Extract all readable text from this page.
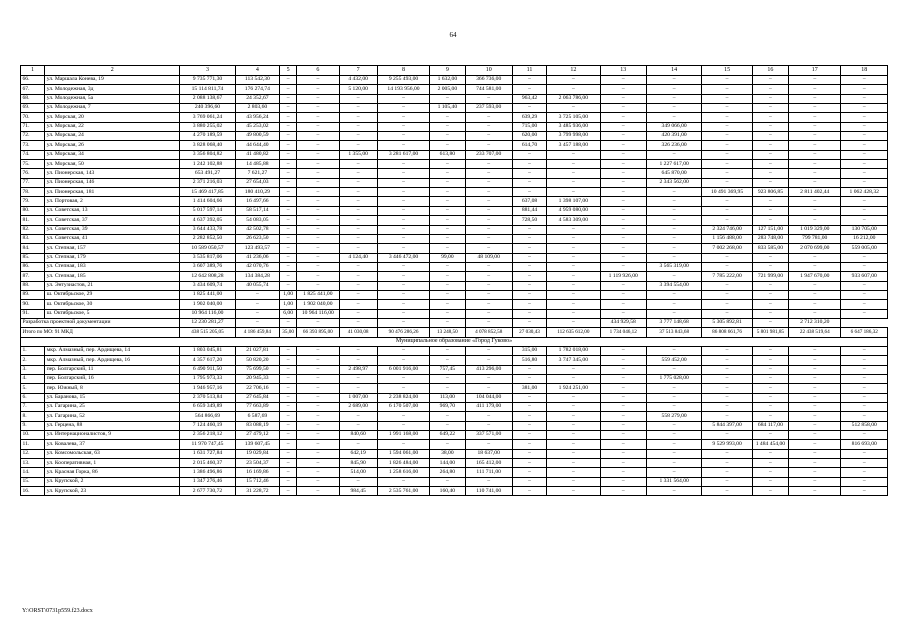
64
1	2	3	4	5	6	7	8	9	10	11	12	13	14	15	16	17	18
66.	ул. Маршала Конева, 19	9 735 771,30	113 542,30	–	–	4 432,00	9 255 493,00	1 632,00	366 736,00	–	–	–	–	–	–	–	–
67.	ул. Молодежная, 3д	15 114 811,74	176 274,74	–	–	5 120,00	14 193 956,00	2 005,00	744 581,00	–	–	–	–	–	–	–	–
68.	ул. Молодежная, 5а	2 088 138,67	24 352,67	–	–	–	–	–	–	963,42	2 063 786,00	–	–	–	–	–	–
69.	ул. Молодежная, 7	240 396,60	2 803,60	–	–	–	–	1 105,40	237 593,00	–	–	–	–	–	–	–	–
70.	ул. Морская, 20	3 769 061,24	43 956,24	–	–	–	–	–	–	639,29	3 725 105,00	–	–	–	–	–	–
71.	ул. Морская, 22	3 880 255,02	45 253,02	–	–	–	–	–	–	715,00	3 485 936,00	–	349 066,00	–	–	–	–
72.	ул. Морская, 24	4 270 189,59	49 800,59	–	–	–	–	–	–	620,00	3 799 998,00	–	420 391,00	–	–	–	–
73.	ул. Морская, 26	3 828 068,40	44 644,40	–	–	–	–	–	–	614,70	3 457 188,00	–	326 236,00	–	–	–	–
74.	ул. Морская, 34	3 356 804,82	41 480,82	–	–	1 355,00	3 281 617,00	613,80	233 707,00	–	–	–	–	–	–	–	–
75.	ул. Морская, 50	1 242 102,88	14 485,88	–	–	–	–	–	–	–	–	–	1 227 617,00	–	–	–	–
76.	ул. Пионерская, 143	653 491,27	7 621,27	–	–	–	–	–	–	–	–	–	645 870,00	–	–	–	–
77.	ул. Пионерская, 146	2 371 216,03	27 654,03	–	–	–	–	–	–	–	–	–	2 343 562,00	–	–	–	–
78.	ул. Пионерская, 181	15 469 417,85	180 410,29	–	–	–	–	–	–	–	–	–	–	10 491 369,95	923 806,85	2 811 402,44	1 062 428,32
79.	ул. Портовая, 2	1 414 604,66	16 497,66	–	–	–	–	–	–	637,08	1 398 107,00	–	–	–	–	–	–
80.	ул. Советская, 13	5 017 597,14	58 517,14	–	–	–	–	–	–	881,44	4 959 080,00	–	–	–	–	–	–
81.	ул. Советская, 37	4 637 392,05	54 083,05	–	–	–	–	–	–	728,50	4 583 309,00	–	–	–	–	–	–
82.	ул. Советская, 39	3 644 433,78	42 502,78	–	–	–	–	–	–	–	–	–	–	2 324 746,00	127 151,00	1 019 329,00	130 705,00
83.	ул. Советская, 41	2 282 852,50	26 623,50	–	–	–	–	–	–	–	–	–	–	1 156 488,00	283 748,00	799 781,00	16 212,00
84.	ул. Степная, 157	10 589 050,57	123 493,57	–	–	–	–	–	–	–	–	–	–	7 002 268,00	833 585,00	2 070 699,00	559 005,00
85.	ул. Степная, 179	3 535 817,06	41 236,06	–	–	4 124,40	3 446 472,00	99,00	48 109,00	–	–	–	–	–	–	–	–
86.	ул. Степная, 183	3 607 389,76	42 070,76	–	–	–	–	–	–	–	–	–	3 565 319,00	–	–	–	–
87.	ул. Степная, 185	12 642 808,28	134 384,28	–	–	–	–	–	–	–	–	1 119 926,00	–	7 785 222,00	721 999,00	1 947 670,00	933 607,00
88.	ул. Энтузиастов, 21	3 434 609,74	40 055,74	–	–	–	–	–	–	–	–	–	3 394 554,00	–	–	–	–
89.	ш. Октябрьское, 29	1 825 441,00	–	1,00	1 825 441,00	–	–	–	–	–	–	–	–	–	–	–	–
90.	ш. Октябрьское, 30	1 902 040,00	–	1,00	1 902 040,00	–	–	–	–	–	–	–	–	–	–	–	–
91.	ш. Октябрьское, 5	10 964 116,00	–	6,00	10 964 116,00	–	–	–	–	–	–	–	–	–	–	–	–
Разработка проектной документации		12 230 281,27	–	–	–	–	–	–	–	–	–	434 929,58	3 777 148,68	5 305 892,81	–	2 712 310,20	
Итого по МО: 91 МКД		438 515 205,05	4 186 459,84	35,00	66 393 895,00	41 030,08	90 476 286,26	13 248,50	4 078 852,58	27 030,43	112 635 612,00	1 734 046,12	37 513 843,68	86 808 661,76	5 801 981,85	22 438 519,64	6 647 186,32
Муниципальное образование «Город Гуково»																	
1.	мкр. Алмазный, пер. Ардищева, 14	1 803 045,81	21 027,81	–	–	–	–	–	–	315,00	1 782 018,00	–	–	–	–	–	–
2.	мкр. Алмазный, пер. Ардищева, 16	4 357 617,20	50 820,20	–	–	–	–	–	–	516,80	3 747 345,00	–	559 452,00	–	–	–	–
3.	пер. Болгарский, 11	6 490 911,50	75 699,50	–	–	2 498,97	6 001 916,00	757,45	413 296,00	–	–	–	–	–	–	–	–
4.	пер. Болгарский, 16	1 795 973,33	20 945,33	–	–	–	–	–	–	–	–	–	1 775 028,00	–	–	–	–
5.	пер. Южный, 8	1 946 957,16	22 706,16	–	–	–	–	–	–	381,00	1 924 251,00	–	–	–	–	–	–
6.	ул. Баранова, 15	2 370 513,84	27 645,84	–	–	1 007,00	2 238 824,00	113,00	104 044,00	–	–	–	–	–	–	–	–
7.	ул. Гагарина, 25	6 659 349,89	77 663,89	–	–	2 689,00	6 170 507,00	969,70	411 179,00	–	–	–	–	–	–	–	–
8.	ул. Гагарина, 52	564 866,69	6 587,69	–	–	–	–	–	–	–	–	–	558 279,00	–	–	–	–
9.	ул. Герцена, 88	7 124 460,19	83 088,19	–	–	–	–	–	–	–	–	–	–	5 844 397,00	684 117,00	–	512 858,00
10.	ул. Интернационалистов, 9	2 356 218,12	27 479,12	–	–	840,60	1 991 168,00	649,22	337 571,00	–	–	–	–	–	–	–	–
11.	ул. Ковалева, 37	11 970 747,45	139 607,45	–	–	–	–	–	–	–	–	–	–	9 529 993,00	1 484 454,00	–	816 693,00
12.	ул. Комсомольская, 63	1 631 727,84	19 029,84	–	–	642,19	1 594 061,00	38,00	18 637,00	–	–	–	–	–	–	–	–
13.	ул. Кооперативная, 1	2 015 460,37	23 504,37	–	–	845,90	1 826 484,00	144,00	165 412,00	–	–	–	–	–	–	–	–
14.	ул. Красная Горка, 86	1 386 496,86	16 169,86	–	–	514,00	1 258 616,00	264,80	111 711,00	–	–	–	–	–	–	–	–
15.	ул. Крупской, 2	1 347 276,46	15 712,46	–	–	–	–	–	–	–	–	–	1 331 564,00	–	–	–	–
16.	ул. Крупской, 23	2 677 730,72	31 228,72	–	–	984,45	2 535 761,00	160,40	110 741,00	–	–	–	–	–	–	–	–
Y:\ORST\0731p559.f23.docx
